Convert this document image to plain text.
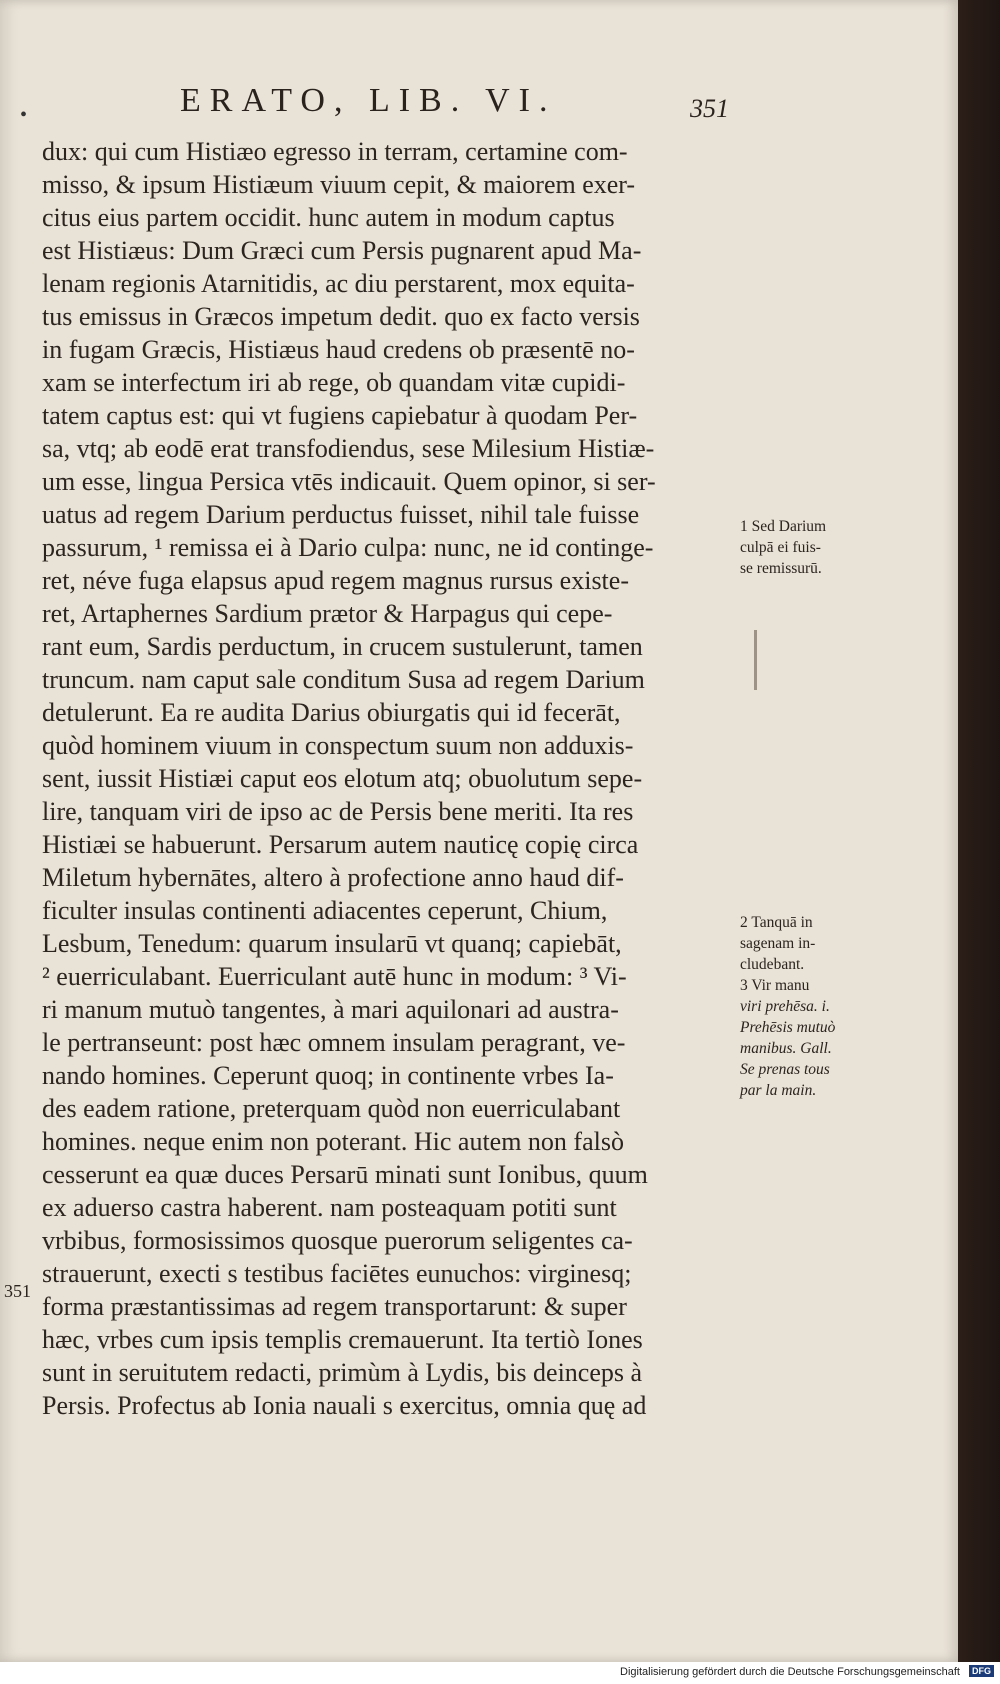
•	ERATO, LIB. VI.	351
dux: qui cum Histiæo egresso in terram, certamine com-
misso, & ipsum Histiæum viuum cepit, & maiorem exer-
citus eius partem occidit. hunc autem in modum captus
est Histiæus: Dum Græci cum Persis pugnarent apud Ma-
lenam regionis Atarnitidis, ac diu perstarent, mox equita-
tus emissus in Græcos impetum dedit. quo ex facto versis
in fugam Græcis, Histiæus haud credens ob præsentē no-
xam se interfectum iri ab rege, ob quandam vitæ cupidi-
tatem captus est: qui vt fugiens capiebatur à quodam Per-
sa, vtq; ab eodē erat transfodiendus, sese Milesium Histiæ-
um esse, lingua Persica vtēs indicauit. Quem opinor, si ser-
uatus ad regem Darium perductus fuisset, nihil tale fuisse
passurum, ¹ remissa ei à Dario culpa: nunc, ne id continge-
ret, néve fuga elapsus apud regem magnus rursus existe-
ret, Artaphernes Sardium prætor & Harpagus qui cepe-
rant eum, Sardis perductum, in crucem sustulerunt, tamen
truncum. nam caput sale conditum Susa ad regem Darium
detulerunt. Ea re audita Darius obiurgatis qui id fecerāt,
quòd hominem viuum in conspectum suum non adduxis-
sent, iussit Histiæi caput eos elotum atq; obuolutum sepe-
lire, tanquam viri de ipso ac de Persis bene meriti. Ita res
Histiæi se habuerunt. Persarum autem nauticę copię circa
Miletum hybernātes, altero à profectione anno haud dif-
ficulter insulas continenti adiacentes ceperunt, Chium,
Lesbum, Tenedum: quarum insularū vt quanq; capiebāt,
² euerriculabant. Euerriculant autē hunc in modum: ³ Vi-
ri manum mutuò tangentes, à mari aquilonari ad austra-
le pertranseunt: post hæc omnem insulam peragrant, ve-
nando homines. Ceperunt quoq; in continente vrbes Ia-
des eadem ratione, preterquam quòd non euerriculabant
homines. neque enim non poterant. Hic autem non falsò
cesserunt ea quæ duces Persarū minati sunt Ionibus, quum
ex aduerso castra haberent. nam posteaquam potiti sunt
vrbibus, formosissimos quosque puerorum seligentes ca-
strauerunt, execti s testibus faciētes eunuchos: virginesq;
forma præstantissimas ad regem transportarunt: & super
hæc, vrbes cum ipsis templis cremauerunt. Ita tertiò Iones
sunt in seruitutem redacti, primùm à Lydis, bis deinceps à
Persis. Profectus ab Ionia nauali s exercitus, omnia quę ad
1 Sed Darium
culpā ei fuis-
se remissurū.
2 Tanquā in
sagenam in-
cludebant.
3 Vir manu
viri prehēsa. i.
Prehēsis mutuò
manibus. Gall.
Se prenas tous
par la main.
351
Digitalisierung gefördert durch die Deutsche Forschungsgemeinschaft	DFG
